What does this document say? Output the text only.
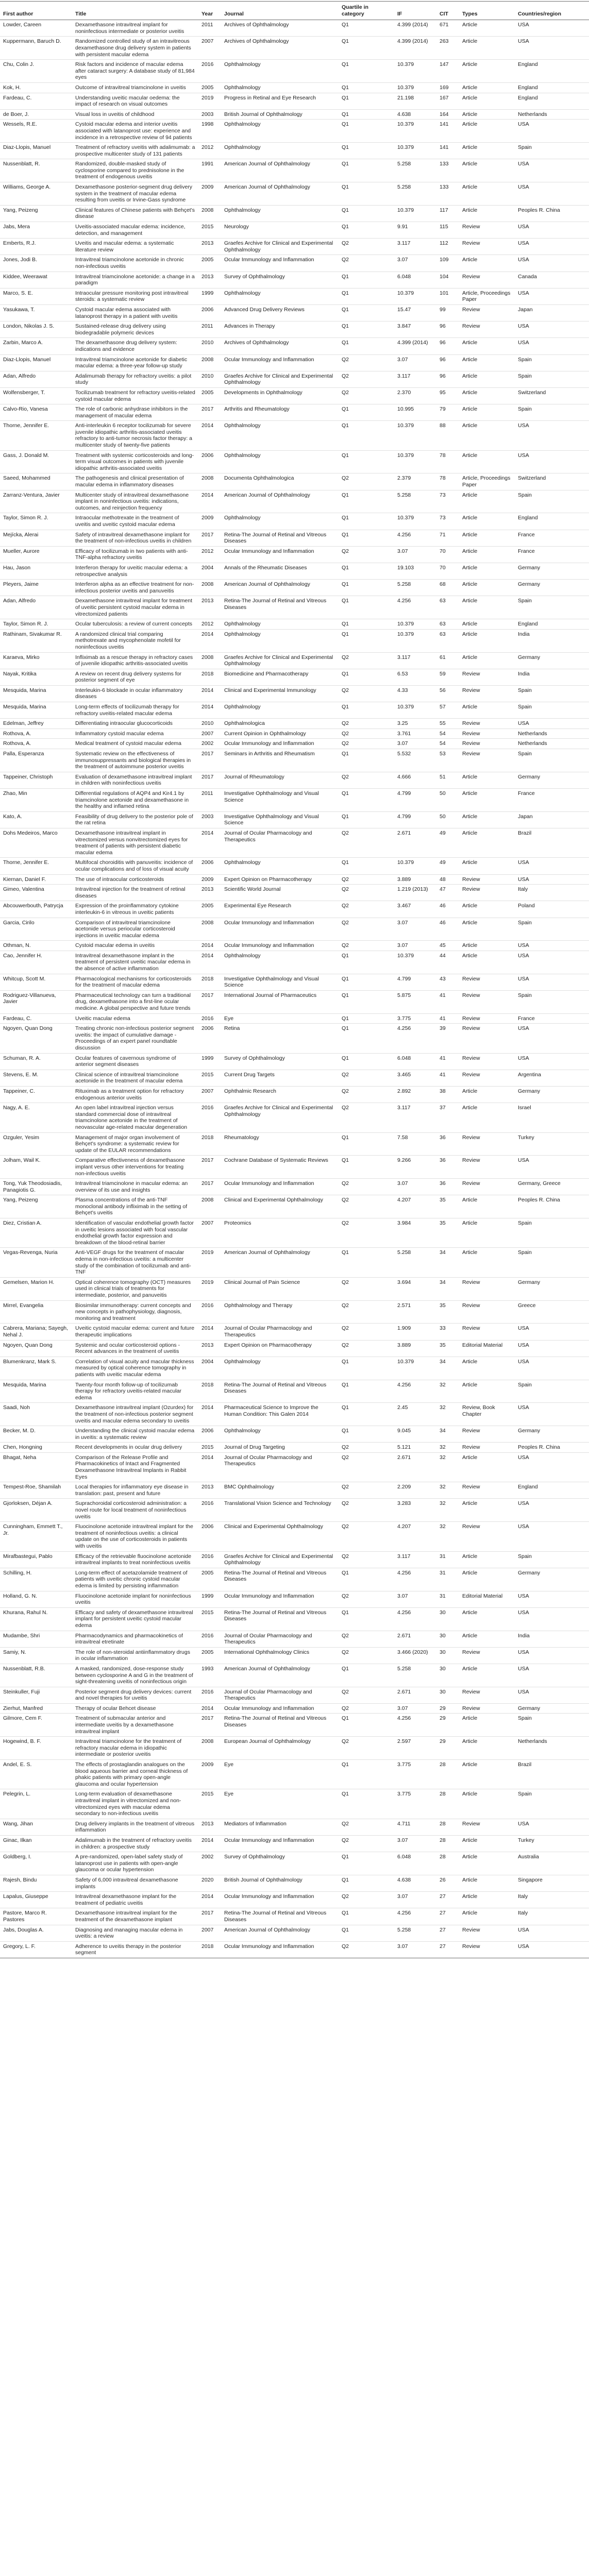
First author	Title	Year	Journal	Quartile in category	IF	CIT	Types	Countries/region
Lowder, Careen	Dexamethasone intravitreal implant for noninfectious intermediate or posterior uveitis	2011	Archives of Ophthalmology	Q1	4.399 (2014)	671	Article	USA
Kuppermann, Baruch D.	Randomized controlled study of an intravitreous dexamethasone drug delivery system in patients with persistent macular edema	2007	Archives of Ophthalmology	Q1	4.399 (2014)	263	Article	USA
Chu, Colin J.	Risk factors and incidence of macular edema after cataract surgery: A database study of 81,984 eyes	2016	Ophthalmology	Q1	10.379	147	Article	England
Kok, H.	Outcome of intravitreal triamcinolone in uveitis	2005	Ophthalmology	Q1	10.379	169	Article	England
Fardeau, C.	Understanding uveitic macular oedema: the impact of research on visual outcomes	2019	Progress in Retinal and Eye Research	Q1	21.198	167	Article	England
de Boer, J.	Visual loss in uveitis of childhood	2003	British Journal of Ophthalmology	Q1	4.638	164	Article	Netherlands
Wessels, R.E.	Cystoid macular edema and interior uveitis associated with latanoprost use: experience and incidence in a retrospective review of 94 patients	1998	Ophthalmology	Q1	10.379	141	Article	USA
Diaz-Llopis, Manuel	Treatment of refractory uveitis with adalimumab: a prospective multicenter study of 131 patients	2012	Ophthalmology	Q1	10.379	141	Article	Spain
Nussenblatt, R.	Randomized, double-masked study of cyclosporine compared to prednisolone in the treatment of endogenous uveitis	1991	American Journal of Ophthalmology	Q1	5.258	133	Article	USA
Williams, George A.	Dexamethasone posterior-segment drug delivery system in the treatment of macular edema resulting from uveitis or Irvine-Gass syndrome	2009	American Journal of Ophthalmology	Q1	5.258	133	Article	USA
Yang, Peizeng	Clinical features of Chinese patients with Behçet's disease	2008	Ophthalmology	Q1	10.379	117	Article	Peoples R. China
Jabs, Mera	Uveitis-associated macular edema: incidence, detection, and management	2015	Neurology	Q1	9.91	115	Review	USA
Emberts, R.J.	Uveitis and macular edema: a systematic literature review	2013	Graefes Archive for Clinical and Experimental Ophthalmology	Q2	3.117	112	Review	USA
Jones, Jodi B.	Intravitreal triamcinolone acetonide in chronic non-infectious uveitis	2005	Ocular Immunology and Inflammation	Q2	3.07	109	Article	USA
Kiddee, Weerawat	Intravitreal triamcinolone acetonide: a change in a paradigm	2013	Survey of Ophthalmology	Q1	6.048	104	Review	Canada
Marco, S. E.	Intraocular pressure monitoring post intravitreal steroids: a systematic review	1999	Ophthalmology	Q1	10.379	101	Article, Proceedings Paper	USA
Yasukawa, T.	Cystoid macular edema associated with latanoprost therapy in a patient with uveitis	2006	Advanced Drug Delivery Reviews	Q1	15.47	99	Review	Japan
London, Nikolas J. S.	Sustained-release drug delivery using biodegradable polymeric devices	2011	Advances in Therapy	Q1	3.847	96	Review	USA
Zarbin, Marco A.	The dexamethasone drug delivery system: indications and evidence	2010	Archives of Ophthalmology	Q1	4.399 (2014)	96	Article	USA
Diaz-Llopis, Manuel	Intravitreal triamcinolone acetonide for diabetic macular edema: a three-year follow-up study	2008	Ocular Immunology and Inflammation	Q2	3.07	96	Article	Spain
Adan, Alfredo	Adalimumab therapy for refractory uveitis: a pilot study	2010	Graefes Archive for Clinical and Experimental Ophthalmology	Q2	3.117	96	Article	Spain
Wolfensberger, T.	Tocilizumab treatment for refractory uveitis-related cystoid macular edema	2005	Developments in Ophthalmology	Q2	2.370	95	Article	Switzerland
Calvo-Rio, Vanesa	The role of carbonic anhydrase inhibitors in the management of macular edema	2017	Arthritis and Rheumatology	Q1	10.995	79	Article	Spain
Thorne, Jennifer E.	Anti-interleukin 6 receptor tocilizumab for severe juvenile idiopathic arthritis-associated uveitis refractory to anti-tumor necrosis factor therapy: a multicenter study of twenty-five patients	2014	Ophthalmology	Q1	10.379	88	Article	USA
Gass, J. Donald M.	Treatment with systemic corticosteroids and long-term visual outcomes in patients with juvenile idiopathic arthritis-associated uveitis	2006	Ophthalmology	Q1	10.379	78	Article	USA
Saeed, Mohammed	The pathogenesis and clinical presentation of macular edema in inflammatory diseases	2008	Documenta Ophthalmologica	Q2	2.379	78	Article, Proceedings Paper	Switzerland
Zarranz-Ventura, Javier	Multicenter study of intravitreal dexamethasone implant in noninfectious uveitis: indications, outcomes, and reinjection frequency	2014	American Journal of Ophthalmology	Q1	5.258	73	Article	Spain
Taylor, Simon R. J.	Intraocular methotrexate in the treatment of uveitis and uveitic cystoid macular edema	2009	Ophthalmology	Q1	10.379	73	Article	England
Mejícka, Alerai	Safety of intravitreal dexamethasone implant for the treatment of non-infectious uveitis in children	2017	Retina-The Journal of Retinal and Vitreous Diseases	Q1	4.256	71	Article	France
Mueller, Aurore	Efficacy of tocilizumab in two patients with anti-TNF-alpha refractory uveitis	2012	Ocular Immunology and Inflammation	Q2	3.07	70	Article	France
Hau, Jason	Interferon therapy for uveitic macular edema: a retrospective analysis	2004	Annals of the Rheumatic Diseases	Q1	19.103	70	Article	Germany
Pleyers, Jaime	Interferon alpha as an effective treatment for non-infectious posterior uveitis and panuveitis	2008	American Journal of Ophthalmology	Q1	5.258	68	Article	Germany
Adan, Alfredo	Dexamethasone intravitreal implant for treatment of uveitic persistent cystoid macular edema in vitrectomized patients	2013	Retina-The Journal of Retinal and Vitreous Diseases	Q1	4.256	63	Article	Spain
Taylor, Simon R. J.	Ocular tuberculosis: a review of current concepts	2012	Ophthalmology	Q1	10.379	63	Article	England
Rathinam, Sivakumar R.	A randomized clinical trial comparing methotrexate and mycophenolate mofetil for noninfectious uveitis	2014	Ophthalmology	Q1	10.379	63	Article	India
Karaeva, Mirko	Infliximab as a rescue therapy in refractory cases of juvenile idiopathic arthritis-associated uveitis	2008	Graefes Archive for Clinical and Experimental Ophthalmology	Q2	3.117	61	Article	Germany
Nayak, Kritika	A review on recent drug delivery systems for posterior segment of eye	2018	Biomedicine and Pharmacotherapy	Q1	6.53	59	Review	India
Mesquida, Marina	Interleukin-6 blockade in ocular inflammatory diseases	2014	Clinical and Experimental Immunology	Q2	4.33	56	Review	Spain
Mesquida, Marina	Long-term effects of tocilizumab therapy for refractory uveitis-related macular edema	2014	Ophthalmology	Q1	10.379	57	Article	Spain
Edelman, Jeffrey	Differentiating intraocular glucocorticoids	2010	Ophthalmologica	Q2	3.25	55	Review	USA
Rothova, A.	Inflammatory cystoid macular edema	2007	Current Opinion in Ophthalmology	Q2	3.761	54	Review	Netherlands
Rothova, A.	Medical treatment of cystoid macular edema	2002	Ocular Immunology and Inflammation	Q2	3.07	54	Review	Netherlands
Palla, Esperanza	Systematic review on the effectiveness of immunosuppressants and biological therapies in the treatment of autoimmune posterior uveitis	2017	Seminars in Arthritis and Rheumatism	Q1	5.532	53	Review	Spain
Tappeiner, Christoph	Evaluation of dexamethasone intravitreal implant in children with noninfectious uveitis	2017	Journal of Rheumatology	Q2	4.666	51	Article	Germany
Zhao, Min	Differential regulations of AQP4 and Kir4.1 by triamcinolone acetonide and dexamethasone in the healthy and inflamed retina	2011	Investigative Ophthalmology and Visual Science	Q1	4.799	50	Article	France
Kato, A.	Feasibility of drug delivery to the posterior pole of the rat retina	2003	Investigative Ophthalmology and Visual Science	Q1	4.799	50	Article	Japan
Dohs Medeiros, Marco	Dexamethasone intravitreal implant in vitrectomized versus nonvitrectomized eyes for treatment of patients with persistent diabetic macular edema	2014	Journal of Ocular Pharmacology and Therapeutics	Q2	2.671	49	Article	Brazil
Thorne, Jennifer E.	Multifocal choroiditis with panuveitis: incidence of ocular complications and of loss of visual acuity	2006	Ophthalmology	Q1	10.379	49	Article	USA
Kiernan, Daniel F.	The use of intraocular corticosteroids	2009	Expert Opinion on Pharmacotherapy	Q2	3.889	48	Review	USA
Gimeo, Valentina	Intravitreal injection for the treatment of retinal diseases	2013	Scientific World Journal	Q2	1.219 (2013)	47	Review	Italy
Abcouwerbouth, Patrycja	Expression of the proinflammatory cytokine interleukin-6 in vitreous in uveitic patients	2005	Experimental Eye Research	Q2	3.467	46	Article	Poland
Garcia, Cirilo	Comparison of intravitreal triamcinolone acetonide versus periocular corticosteroid injections in uveitic macular edema	2008	Ocular Immunology and Inflammation	Q2	3.07	46	Article	Spain
Othman, N.	Cystoid macular edema in uveitis	2014	Ocular Immunology and Inflammation	Q2	3.07	45	Article	USA
Cao, Jennifer H.	Intravitreal dexamethasone implant in the treatment of persistent uveitic macular edema in the absence of active inflammation	2014	Ophthalmology	Q1	10.379	44	Article	USA
Whitcup, Scott M.	Pharmacological mechanisms for corticosteroids for the treatment of macular edema	2018	Investigative Ophthalmology and Visual Science	Q1	4.799	43	Review	USA
Rodriguez-Villanueva, Javier	Pharmaceutical technology can turn a traditional drug, dexamethasone into a first-line ocular medicine. A global perspective and future trends	2017	International Journal of Pharmaceutics	Q1	5.875	41	Review	Spain
Fardeau, C.	Uveitic macular edema	2016	Eye	Q1	3.775	41	Review	France
Ngoyen, Quan Dong	Treating chronic non-infectious posterior segment uveitis: the impact of cumulative damage - Proceedings of an expert panel roundtable discussion	2006	Retina	Q1	4.256	39	Review	USA
Schuman, R. A.	Ocular features of cavernous syndrome of anterior segment diseases	1999	Survey of Ophthalmology	Q1	6.048	41	Review	USA
Stevens, E. M.	Clinical science of intravitreal triamcinolone acetonide in the treatment of macular edema	2015	Current Drug Targets	Q2	3.465	41	Review	Argentina
Tappeiner, C.	Rituximab as a treatment option for refractory endogenous anterior uveitis	2007	Ophthalmic Research	Q2	2.892	38	Article	Germany
Nagy, A. E.	An open label intravitreal injection versus standard commercial dose of intravitreal triamcinolone acetonide in the treatment of neovascular age-related macular degeneration	2016	Graefes Archive for Clinical and Experimental Ophthalmology	Q2	3.117	37	Article	Israel
Ozguler, Yesim	Management of major organ involvement of Behçet's syndrome: a systematic review for update of the EULAR recommendations	2018	Rheumatology	Q1	7.58	36	Review	Turkey
Jolham, Wail K.	Comparative effectiveness of dexamethasone implant versus other interventions for treating non-infectious uveitis	2017	Cochrane Database of Systematic Reviews	Q1	9.266	36	Review	USA
Tong, Yuk Theodosiadis, Panagiotis G.	Intravitreal triamcinolone in macular edema: an overview of its use and insights	2017	Ocular Immunology and Inflammation	Q2	3.07	36	Review	Germany, Greece
Yang, Peizeng	Plasma concentrations of the anti-TNF monoclonal antibody infliximab in the setting of Behçet's uveitis	2008	Clinical and Experimental Ophthalmology	Q2	4.207	35	Article	Peoples R. China
Diez, Cristian A.	Identification of vascular endothelial growth factor in uveitic lesions associated with focal vascular endothelial growth factor expression and breakdown of the blood-retinal barrier	2007	Proteomics	Q2	3.984	35	Article	Spain
Vegas-Revenga, Nuria	Anti-VEGF drugs for the treatment of macular edema in non-infectious uveitis: a multicenter study of the combination of tocilizumab and anti-TNF	2019	American Journal of Ophthalmology	Q1	5.258	34	Article	Spain
Gemelsen, Marion H.	Optical coherence tomography (OCT) measures used in clinical trials of treatments for intermediate, posterior, and panuveitis	2019	Clinical Journal of Pain Science	Q2	3.694	34	Review	Germany
Mirrel, Evangelia	Biosimilar immunotherapy: current concepts and new concepts in pathophysiology, diagnosis, monitoring and treatment	2016	Ophthalmology and Therapy	Q2	2.571	35	Review	Greece
Cabrera, Mariana; Sayegh, Nehal J.	Uveitic cystoid macular edema: current and future therapeutic implications	2014	Journal of Ocular Pharmacology and Therapeutics	Q2	1.909	33	Review	USA
Ngoyen, Quan Dong	Systemic and ocular corticosteroid options - Recent advances in the treatment of uveitis	2013	Expert Opinion on Pharmacotherapy	Q2	3.889	35	Editorial Material	USA
Blumenkranz, Mark S.	Correlation of visual acuity and macular thickness measured by optical coherence tomography in patients with uveitic macular edema	2004	Ophthalmology	Q1	10.379	34	Article	USA
Mesquida, Marina	Twenty-four month follow-up of tocilizumab therapy for refractory uveitis-related macular edema	2018	Retina-The Journal of Retinal and Vitreous Diseases	Q1	4.256	32	Article	Spain
Saadi, Noh	Dexamethasone intravitreal implant (Ozurdex) for the treatment of non-infectious posterior segment uveitis and macular edema secondary to uveitis	2014	Pharmaceutical Science to Improve the Human Condition: This Galen 2014	Q1	2.45	32	Review, Book Chapter	USA
Becker, M. D.	Understanding the clinical cystoid macular edema in uveitis: a systematic review	2006	Ophthalmology	Q1	9.045	34	Review	Germany
Chen, Hongning	Recent developments in ocular drug delivery	2015	Journal of Drug Targeting	Q2	5.121	32	Review	Peoples R. China
Bhagat, Neha	Comparison of the Release Profile and Pharmacokinetics of Intact and Fragmented Dexamethasone Intravitreal Implants in Rabbit Eyes	2014	Journal of Ocular Pharmacology and Therapeutics	Q2	2.671	32	Article	USA
Tempest-Roe, Shamilah	Local therapies for inflammatory eye disease in translation: past, present and future	2013	BMC Ophthalmology	Q2	2.209	32	Review	England
Gjorloksen, Déjan A.	Suprachoroidal corticosteroid administration: a novel route for local treatment of noninfectious uveitis	2016	Translational Vision Science and Technology	Q2	3.283	32	Article	USA
Cunningham, Emmett T., Jr.	Fluocinolone acetonide intravitreal implant for the treatment of noninfectious uveitis: a clinical update on the use of corticosteroids in patients with uveitis	2006	Clinical and Experimental Ophthalmology	Q2	4.207	32	Review	USA
Mirafbastegui, Pablo	Efficacy of the retrievable fluocinolone acetonide intravitreal implants to treat noninfectious uveitis	2016	Graefes Archive for Clinical and Experimental Ophthalmology	Q2	3.117	31	Article	Spain
Schilling, H.	Long-term effect of acetazolamide treatment of patients with uveitic chronic cystoid macular edema is limited by persisting inflammation	2005	Retina-The Journal of Retinal and Vitreous Diseases	Q1	4.256	31	Article	Germany
Holland, G. N.	Fluocinolone acetonide implant for noninfectious uveitis	1999	Ocular Immunology and Inflammation	Q2	3.07	31	Editorial Material	USA
Khurana, Rahul N.	Efficacy and safety of dexamethasone intravitreal implant for persistent uveitic cystoid macular edema	2015	Retina-The Journal of Retinal and Vitreous Diseases	Q1	4.256	30	Article	USA
Mudambe, Shri	Pharmacodynamics and pharmacokinetics of intravitreal etretinate	2016	Journal of Ocular Pharmacology and Therapeutics	Q2	2.671	30	Article	India
Samiy, N.	The role of non-steroidal antiinflammatory drugs in ocular inflammation	2005	International Ophthalmology Clinics	Q2	3.466 (2020)	30	Review	USA
Nussenblatt, R.B.	A masked, randomized, dose-response study between cyclosporine A and G in the treatment of sight-threatening uveitis of noninfectious origin	1993	American Journal of Ophthalmology	Q1	5.258	30	Article	USA
Steinkuller, Fuji	Posterior segment drug delivery devices: current and novel therapies for uveitis	2016	Journal of Ocular Pharmacology and Therapeutics	Q2	2.671	30	Review	USA
Zierhut, Manfred	Therapy of ocular Behcet disease	2014	Ocular Immunology and Inflammation	Q2	3.07	29	Review	Germany
Gilmore, Cem F.	Treatment of submacular anterior and intermediate uveitis by a dexamethasone intravitreal implant	2017	Retina-The Journal of Retinal and Vitreous Diseases	Q1	4.256	29	Article	Spain
Hogewind, B. F.	Intravitreal triamcinolone for the treatment of refractory macular edema in idiopathic intermediate or posterior uveitis	2008	European Journal of Ophthalmology	Q2	2.597	29	Article	Netherlands
Andel, E. S.	The effects of prostaglandin analogues on the blood aqueous barrier and corneal thickness of phakic patients with primary open-angle glaucoma and ocular hypertension	2009	Eye	Q1	3.775	28	Article	Brazil
Pelegrin, L.	Long-term evaluation of dexamethasone intravitreal implant in vitrectomized and non-vitrectomized eyes with macular edema secondary to non-infectious uveitis	2015	Eye	Q1	3.775	28	Article	Spain
Wang, Jihan	Drug delivery implants in the treatment of vitreous inflammation	2013	Mediators of Inflammation	Q2	4.711	28	Review	USA
Ginac, Ilkan	Adalimumab in the treatment of refractory uveitis in children: a prospective study	2014	Ocular Immunology and Inflammation	Q2	3.07	28	Article	Turkey
Goldberg, I.	A pre-randomized, open-label safety study of latanoprost use in patients with open-angle glaucoma or ocular hypertension	2002	Survey of Ophthalmology	Q1	6.048	28	Article	Australia
Rajesh, Bindu	Safety of 6,000 intravitreal dexamethasone implants	2020	British Journal of Ophthalmology	Q1	4.638	26	Article	Singapore
Lapalus, Giuseppe	Intravitreal dexamethasone implant for the treatment of pediatric uveitis	2014	Ocular Immunology and Inflammation	Q2	3.07	27	Article	Italy
Pastore, Marco R. Pastores	Dexamethasone intravitreal implant for the treatment of the dexamethasone implant	2017	Retina-The Journal of Retinal and Vitreous Diseases	Q1	4.256	27	Article	Italy
Jabs, Douglas A.	Diagnosing and managing macular edema in uveitis: a review	2007	American Journal of Ophthalmology	Q1	5.258	27	Review	USA
Gregory, L. F.	Adherence to uveitis therapy in the posterior segment	2018	Ocular Immunology and Inflammation	Q2	3.07	27	Review	USA
